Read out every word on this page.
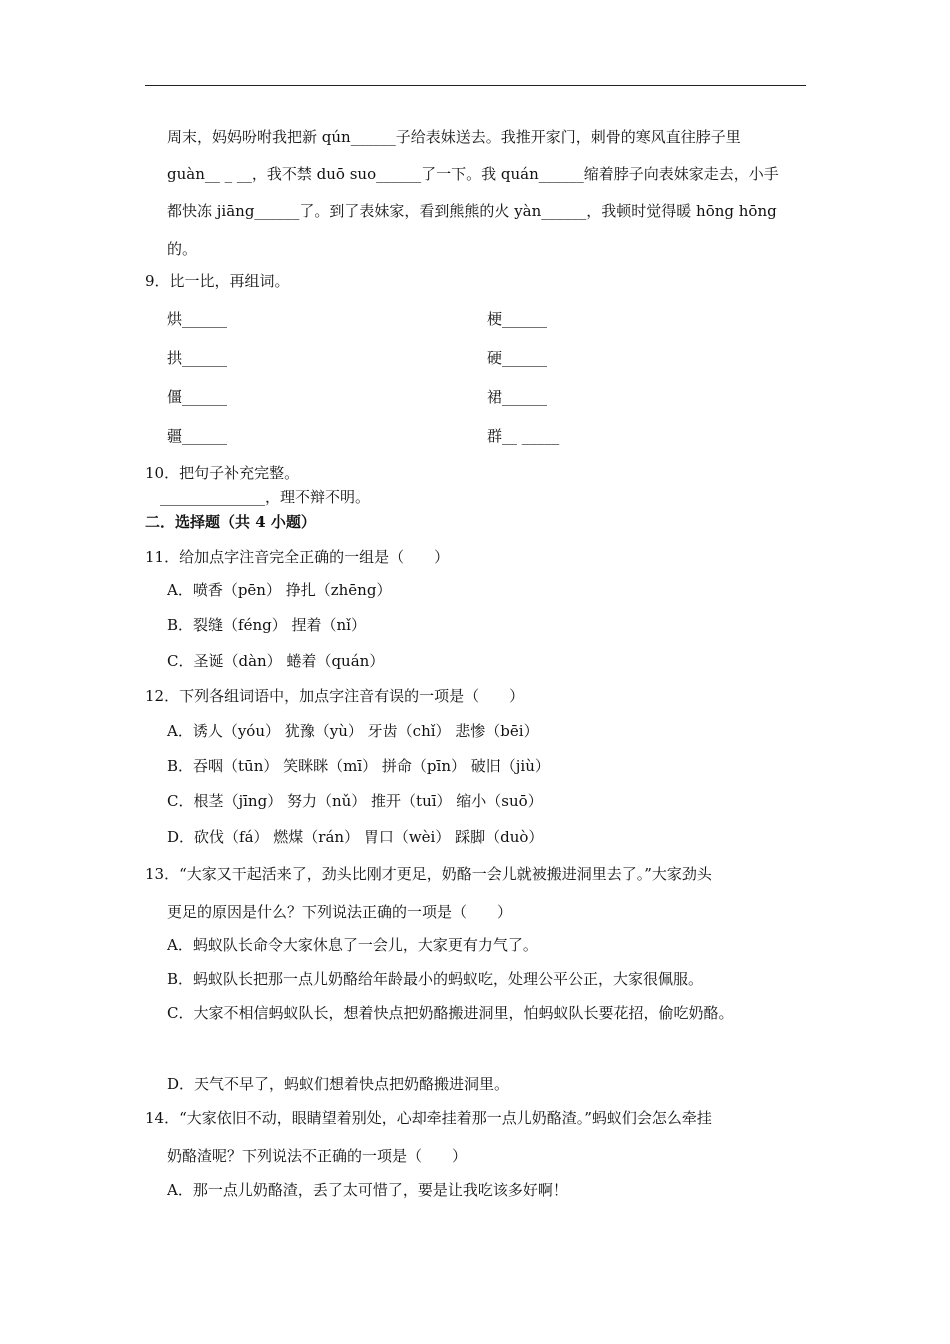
周末，妈妈吩咐我把新 qún______子给表妹送去。我推开家门，刺骨的寒风直往脖子里
guàn__ _ __，我不禁 duō suo______了一下。我 quán______缩着脖子向表妹家走去，小手
都快冻 jiāng______了。到了表妹家，看到熊熊的火 yàn______，我顿时觉得暖 hōng hōng
的。
9．比一比，再组词。
烘______
拱______
僵______
疆______
梗______
硬______
裙______
群__ _____
10．把句子补充完整。
______________，理不辩不明。
二．选择题（共 4 小题）
11．给加点字注音完全正确的一组是（　　）
A．喷香（pēn） 挣扎（zhēng）
B．裂缝（féng） 捏着（nǐ）
C．圣诞（dàn） 蜷着（quán）
12．下列各组词语中，加点字注音有误的一项是（　　）
A．诱人（yóu） 犹豫（yù） 牙齿（chǐ） 悲惨（bēi）
B．吞咽（tūn） 笑眯眯（mī） 拼命（pīn） 破旧（jiù）
C．根茎（jīng） 努力（nǔ） 推开（tuī） 缩小（suō）
D．砍伐（fá） 燃煤（rán） 胃口（wèi） 踩脚（duò）
13．“大家又干起活来了，劲头比刚才更足，奶酪一会儿就被搬进洞里去了。”大家劲头
更足的原因是什么？下列说法正确的一项是（　　）
A．蚂蚁队长命令大家休息了一会儿，大家更有力气了。
B．蚂蚁队长把那一点儿奶酪给年龄最小的蚂蚁吃，处理公平公正，大家很佩服。
C．大家不相信蚂蚁队长，想着快点把奶酪搬进洞里，怕蚂蚁队长要花招，偷吃奶酪。
D．天气不早了，蚂蚁们想着快点把奶酪搬进洞里。
14．“大家依旧不动，眼睛望着别处，心却牵挂着那一点儿奶酪渣。”蚂蚁们会怎么牵挂
奶酪渣呢？下列说法不正确的一项是（　　）
A．那一点儿奶酪渣，丢了太可惜了，要是让我吃该多好啊！
